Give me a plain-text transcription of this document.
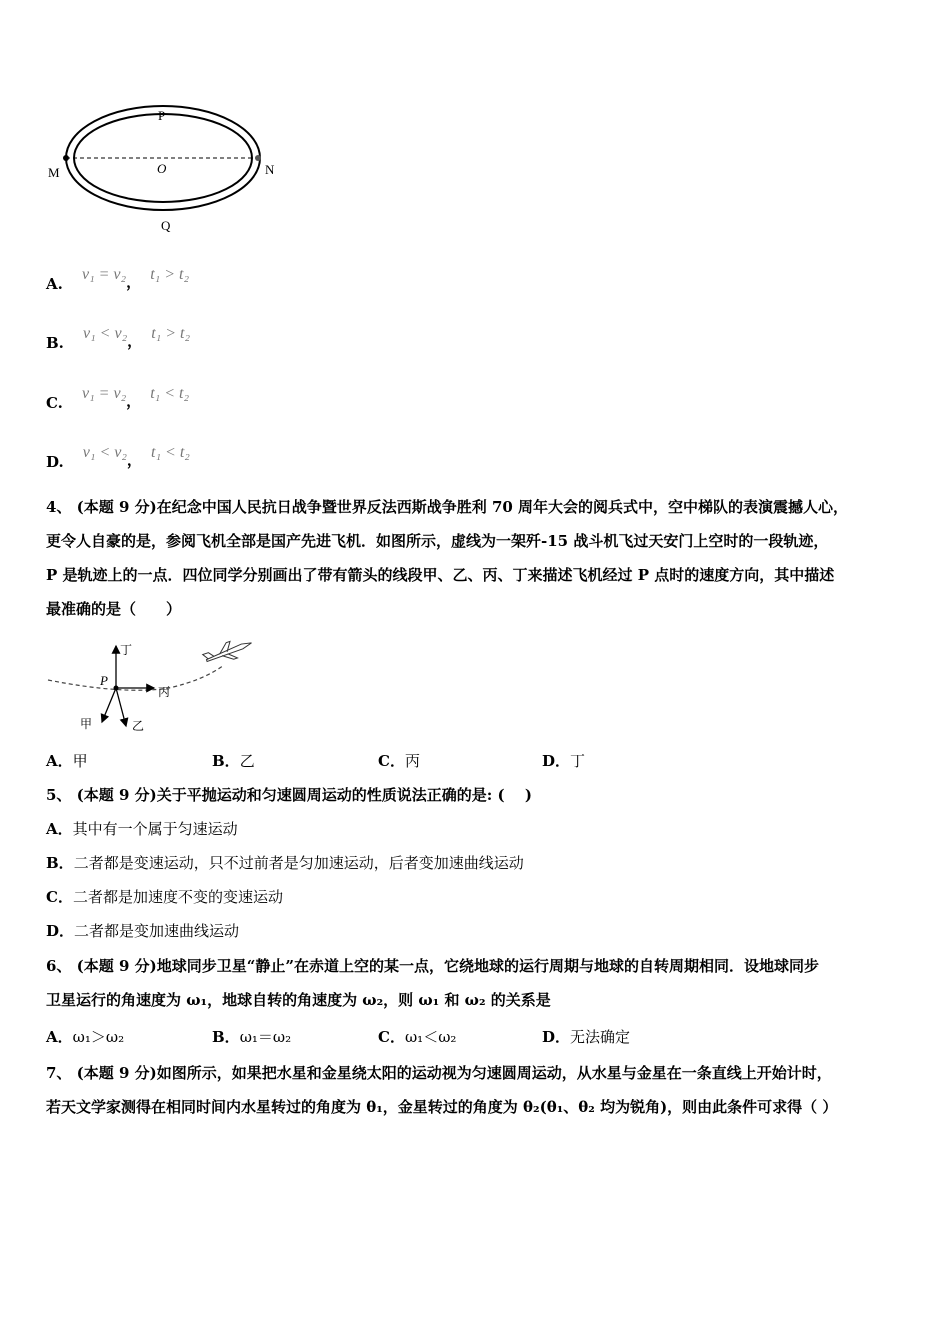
P
O
M	N
Q
A. v₁ = v₂， t₁ > t₂
B. v₁ < v₂， t₁ > t₂
C. v₁ = v₂， t₁ < t₂
D. v₁ < v₂， t₁ < t₂
4、 (本题 9 分)在纪念中国人民抗日战争暨世界反法西斯战争胜利 70 周年大会的阅兵式中，空中梯队的表演震撼人心，
更令人自豪的是，参阅飞机全部是国产先进飞机．如图所示，虚线为一架歼-15 战斗机飞过天安门上空时的一段轨迹，
P 是轨迹上的一点．四位同学分别画出了带有箭头的线段甲、乙、丙、丁来描述飞机经过 P 点时的速度方向，其中描述
最准确的是（　　）
P
丁
丙
甲	乙
A．甲	B．乙	C．丙	D．丁
5、 (本题 9 分)关于平抛运动和匀速圆周运动的性质说法正确的是: (　 )
A．其中有一个属于匀速运动
B．二者都是变速运动，只不过前者是匀加速运动，后者变加速曲线运动
C．二者都是加速度不变的变速运动
D．二者都是变加速曲线运动
6、 (本题 9 分)地球同步卫星“静止”在赤道上空的某一点，它绕地球的运行周期与地球的自转周期相同．设地球同步
卫星运行的角速度为 ω₁，地球自转的角速度为 ω₂，则 ω₁ 和 ω₂ 的关系是
A．ω₁＞ω₂	B．ω₁＝ω₂	C．ω₁＜ω₂	D．无法确定
7、 (本题 9 分)如图所示，如果把水星和金星绕太阳的运动视为匀速圆周运动，从水星与金星在一条直线上开始计时，
若天文学家测得在相同时间内水星转过的角度为 θ₁，金星转过的角度为 θ₂(θ₁、θ₂ 均为锐角)，则由此条件可求得（ ）
